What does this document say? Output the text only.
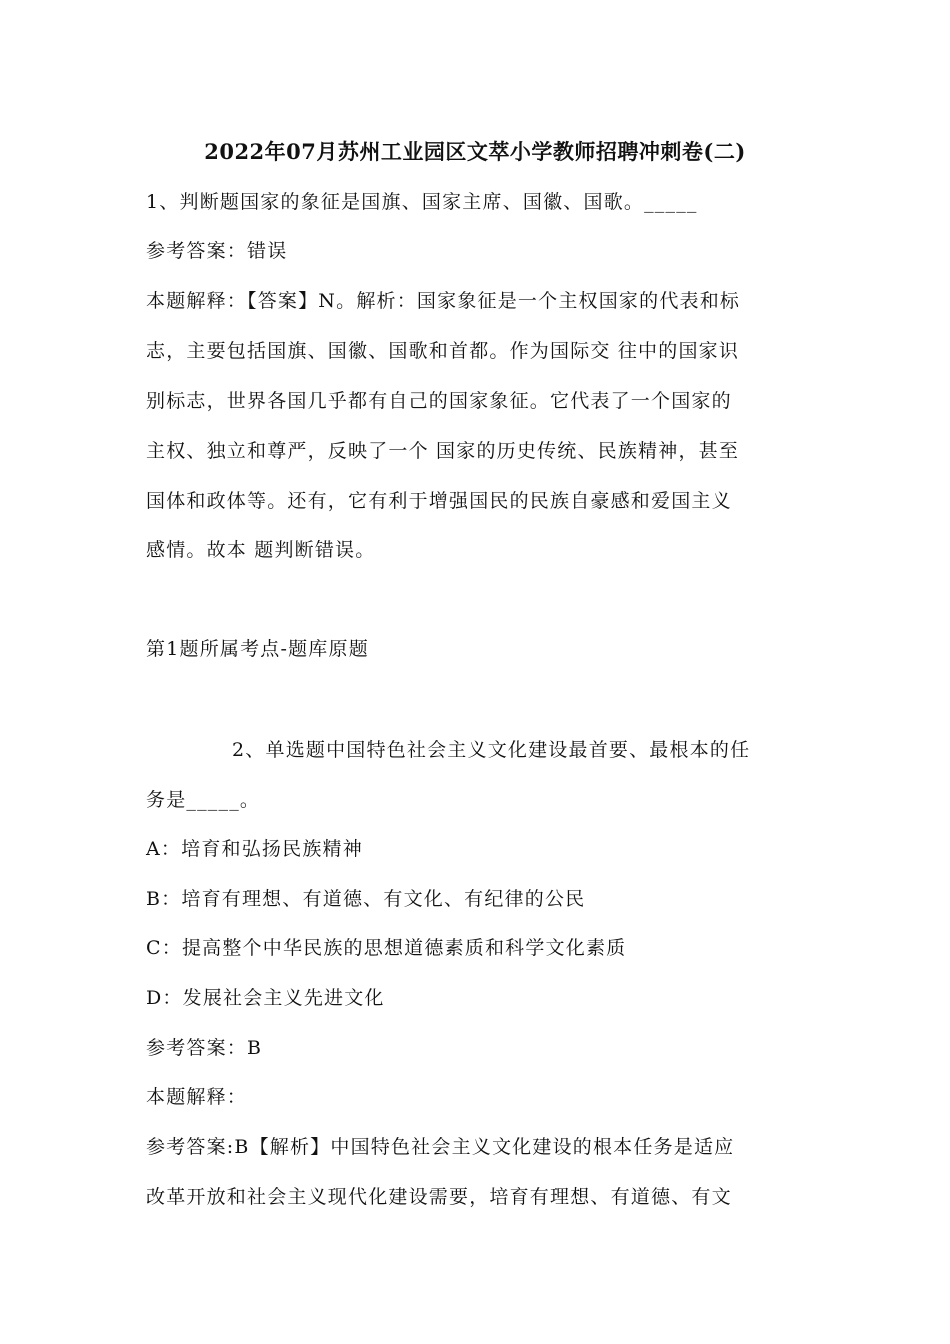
2022年07月苏州工业园区文萃小学教师招聘冲刺卷(二)
1、判断题国家的象征是国旗、国家主席、国徽、国歌。_____
参考答案：错误
本题解释：【答案】N。解析：国家象征是一个主权国家的代表和标
志，主要包括国旗、国徽、国歌和首都。作为国际交 往中的国家识
别标志，世界各国几乎都有自己的国家象征。它代表了一个国家的
主权、独立和尊严，反映了一个 国家的历史传统、民族精神，甚至
国体和政体等。还有，它有利于增强国民的民族自豪感和爱国主义
感情。故本 题判断错误。
第1题所属考点-题库原题
2、单选题中国特色社会主义文化建设最首要、最根本的任
务是_____。
A：培育和弘扬民族精神
B：培育有理想、有道德、有文化、有纪律的公民
C：提高整个中华民族的思想道德素质和科学文化素质
D：发展社会主义先进文化
参考答案：B
本题解释：
参考答案:B【解析】中国特色社会主义文化建设的根本任务是适应
改革开放和社会主义现代化建设需要，培育有理想、有道德、有文
